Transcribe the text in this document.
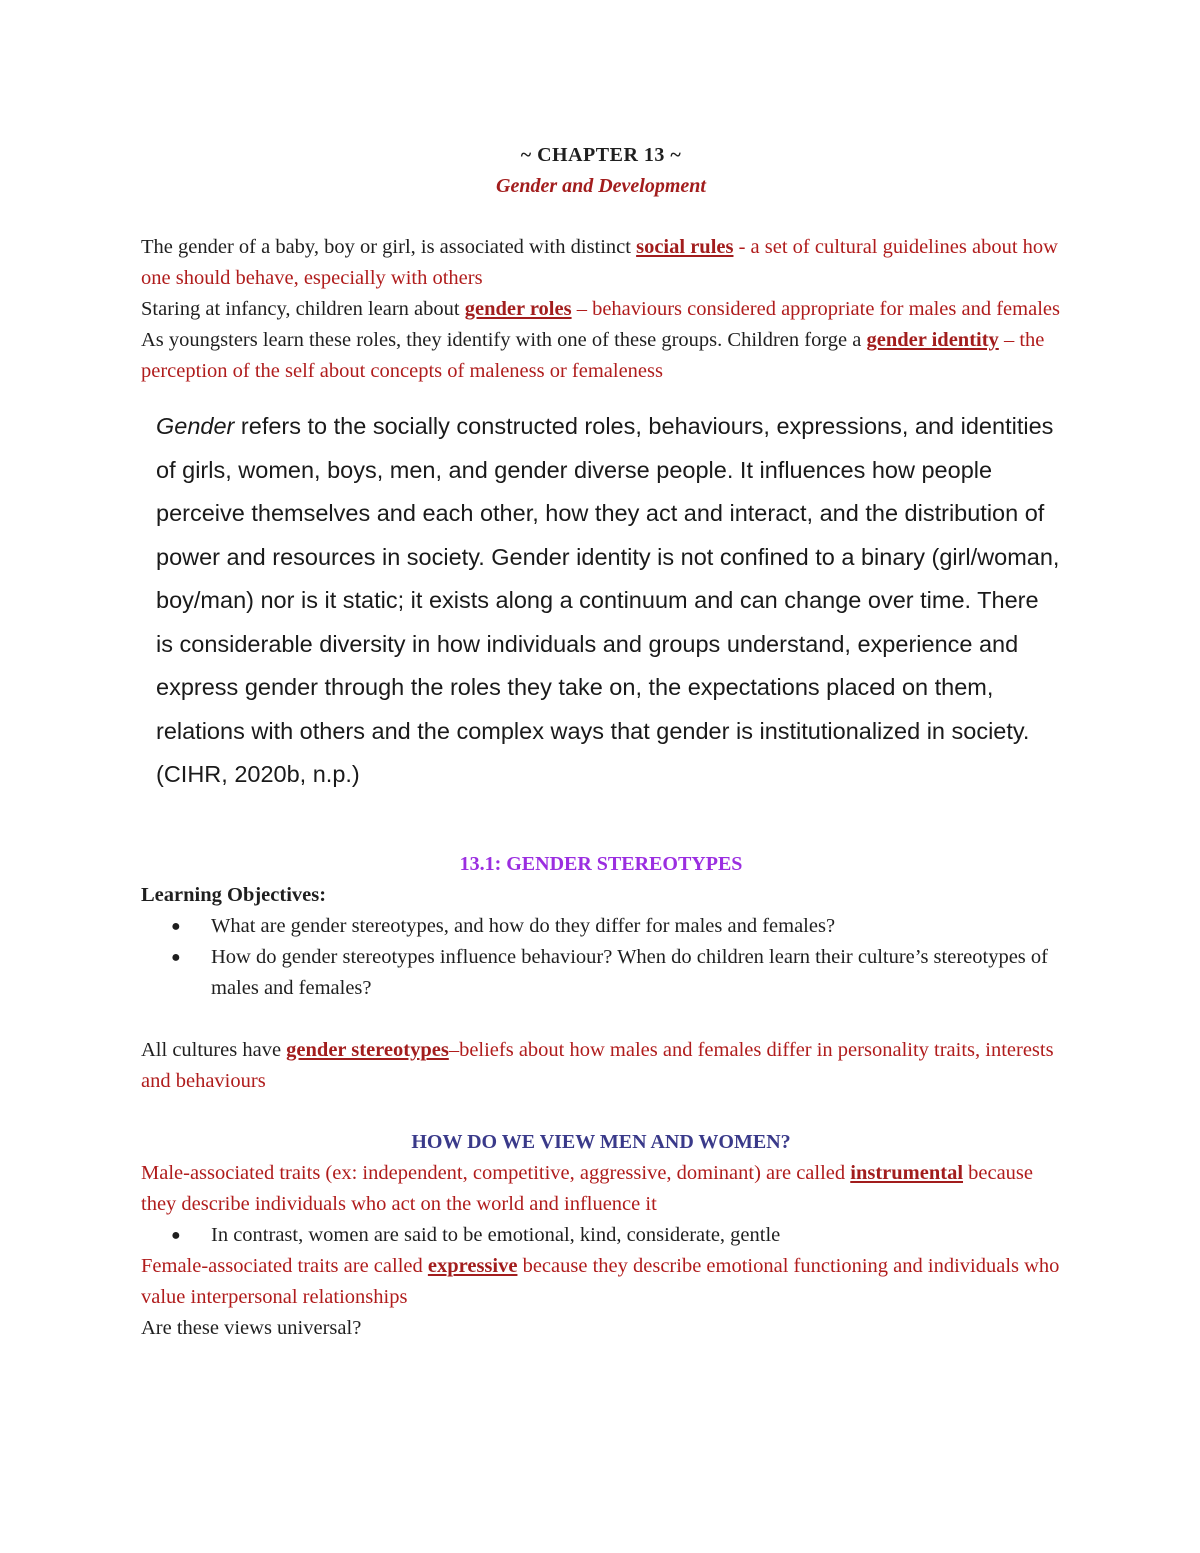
~ CHAPTER 13 ~

Gender and Development

The gender of a baby, boy or girl, is associated with distinct social rules - a set of cultural guidelines about how one should behave, especially with others

Staring at infancy, children learn about gender roles – behaviours considered appropriate for males and females

As youngsters learn these roles, they identify with one of these groups. Children forge a gender identity – the perception of the self about concepts of maleness or femaleness

Gender refers to the socially constructed roles, behaviours, expressions, and identities of girls, women, boys, men, and gender diverse people. It influences how people perceive themselves and each other, how they act and interact, and the distribution of power and resources in society. Gender identity is not confined to a binary (girl/woman, boy/man) nor is it static; it exists along a continuum and can change over time. There is considerable diversity in how individuals and groups understand, experience and express gender through the roles they take on, the expectations placed on them, relations with others and the complex ways that gender is institutionalized in society. (CIHR, 2020b, n.p.)

13.1: GENDER STEREOTYPES

Learning Objectives:

● What are gender stereotypes, and how do they differ for males and females?
● How do gender stereotypes influence behaviour? When do children learn their culture’s stereotypes of males and females?

All cultures have gender stereotypes–beliefs about how males and females differ in personality traits, interests and behaviours

HOW DO WE VIEW MEN AND WOMEN?

Male-associated traits (ex: independent, competitive, aggressive, dominant) are called instrumental because they describe individuals who act on the world and influence it

● In contrast, women are said to be emotional, kind, considerate, gentle

Female-associated traits are called expressive because they describe emotional functioning and individuals who value interpersonal relationships

Are these views universal?
